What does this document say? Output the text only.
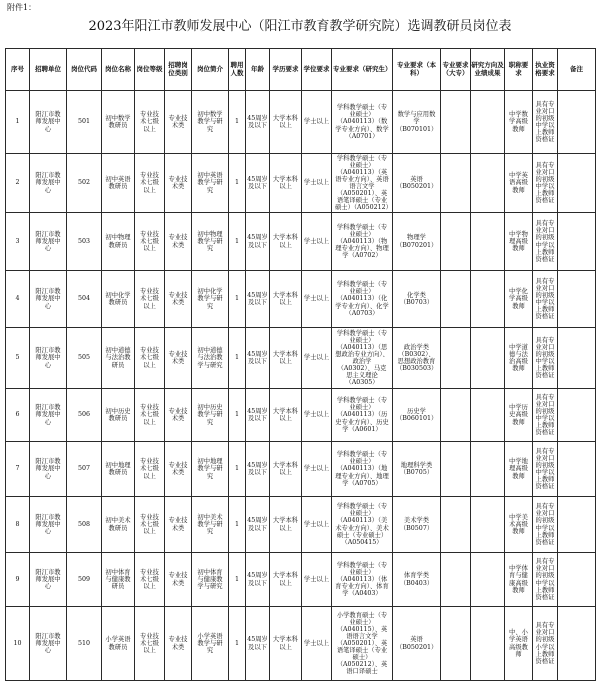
附件1：
2023年阳江市教师发展中心（阳江市教育教学研究院）选调教研员岗位表
序号	招聘单位	岗位代码	岗位名称	岗位等级	招聘岗位类别	岗位简介	聘用人数	年龄	学历要求	学位要求	专业要求（研究生）	专业要求（本科）	专业要求（大专）	研究方向及业绩成果	职称要求	执业资格要求	备注

1	阳江市教师发展中心	501	初中数学教研员	专业技术七级以上	专业技术类	初中数学教学与研究	1	45周岁及以下	大学本科以上	学士以上	学科教学硕士（专业硕士）（A040113）（数学专业方向）、数学（A0701）	数学与应用数学（B070101）			中学数学高级教师	具有专业对口的初级中学以上教师资格证	

2	阳江市教师发展中心	502	初中英语教研员	专业技术七级以上	专业技术类	初中英语教学与研究	1	45周岁及以下	大学本科以上	学士以上	学科教学硕士（专业硕士）（A040113）（英语专业方向）、英语语言文学（A050201）、英语笔译硕士（专业硕士）（A050212）	英语（B050201）			中学英语高级教师	具有专业对口的初级中学以上教师资格证	

3	阳江市教师发展中心	503	初中物理教研员	专业技术七级以上	专业技术类	初中物理教学与研究	1	45周岁及以下	大学本科以上	学士以上	学科教学硕士（专业硕士）（A040113）（物理专业方向）、物理学（A0702）	物理学（B070201）			中学物理高级教师	具有专业对口的初级中学以上教师资格证	

4	阳江市教师发展中心	504	初中化学教研员	专业技术七级以上	专业技术类	初中化学教学与研究	1	45周岁及以下	大学本科以上	学士以上	学科教学硕士（专业硕士）（A040113）（化学专业方向）、化学（A0703）	化学类（B0703）			中学化学高级教师	具有专业对口的初级中学以上教师资格证	

5	阳江市教师发展中心	505	初中道德与法治教研员	专业技术七级以上	专业技术类	初中道德与法治教学与研究	1	45周岁及以下	大学本科以上	学士以上	学科教学硕士（专业硕士）（A040113）（思想政治专业方向）、政治学（A0302）、马克思主义理论（A0305）	政治学类（B0302）、思想政治教育（B030503）			中学道德与法治高级教师	具有专业对口的初级中学以上教师资格证	

6	阳江市教师发展中心	506	初中历史教研员	专业技术七级以上	专业技术类	初中历史教学与研究	1	45周岁及以下	大学本科以上	学士以上	学科教学硕士（专业硕士）（A040113）（历史专业方向）、历史学（A0601）	历史学（B060101）			中学历史高级教师	具有专业对口的初级中学以上教师资格证	

7	阳江市教师发展中心	507	初中地理教研员	专业技术七级以上	专业技术类	初中地理教学与研究	1	45周岁及以下	大学本科以上	学士以上	学科教学硕士（专业硕士）（A040113）（地理专业方向）、地理学（A0705）	地理科学类（B0705）			中学地理高级教师	具有专业对口的初级中学以上教师资格证	

8	阳江市教师发展中心	508	初中美术教研员	专业技术七级以上	专业技术类	初中美术教学与研究	1	45周岁及以下	大学本科以上	学士以上	学科教学硕士（专业硕士）（A040113）（美术专业方向）、美术硕士（专业硕士）（A050415）	美术学类（B0507）			中学美术高级教师	具有专业对口的初级中学以上教师资格证	

9	阳江市教师发展中心	509	初中体育与健康教研员	专业技术七级以上	专业技术类	初中体育与健康教学与研究	1	45周岁及以下	大学本科以上	学士以上	学科教学硕士（专业硕士）（A040113）（体育专业方向）、体育学（A0403）	体育学类（B0403）			中学体育与健康高级教师	具有专业对口的初级中学以上教师资格证	

10	阳江市教师发展中心	510	小学英语教研员	专业技术七级以上	专业技术类	小学英语教学与研究	1	45周岁及以下	大学本科以上	学士以上	小学教育硕士（专业硕士）（A040115）、英语语言文学（A050201）、英语笔译硕士（专业硕士）（A050212）、英语口译硕士	英语（B050201）			中、小学英语高级教师	具有专业对口的初级小学以上教师资格证	
